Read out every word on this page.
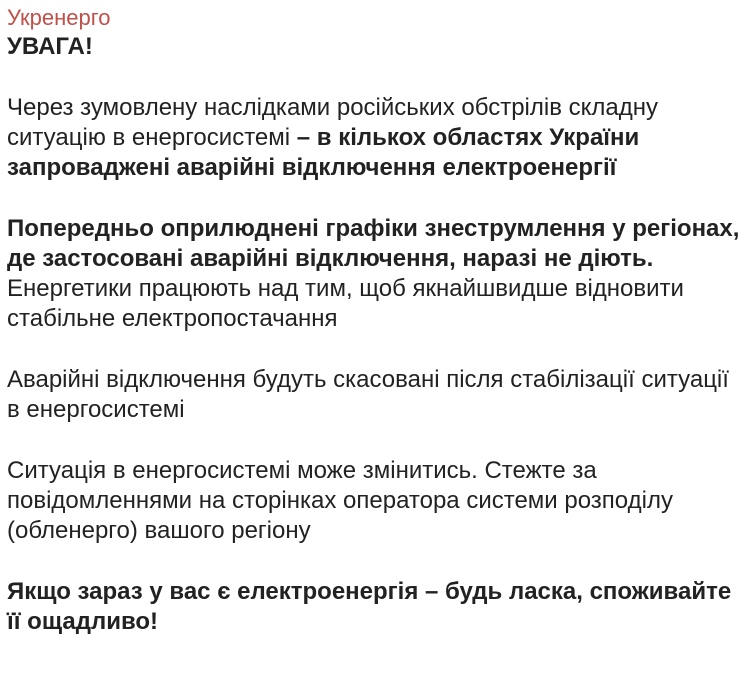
Укренерго

УВАГА!

Через зумовлену наслідками російських обстрілів складну ситуацію в енергосистемі – в кількох областях України запроваджені аварійні відключення електроенергії

Попередньо оприлюднені графіки знеструмлення у регіонах, де застосовані аварійні відключення, наразі не діють. Енергетики працюють над тим, щоб якнайшвидше відновити стабільне електропостачання

Аварійні відключення будуть скасовані після стабілізації ситуації в енергосистемі

Ситуація в енергосистемі може змінитись. Стежте за повідомленнями на сторінках оператора системи розподілу (обленерго) вашого регіону

Якщо зараз у вас є електроенергія – будь ласка, споживайте її ощадливо!
